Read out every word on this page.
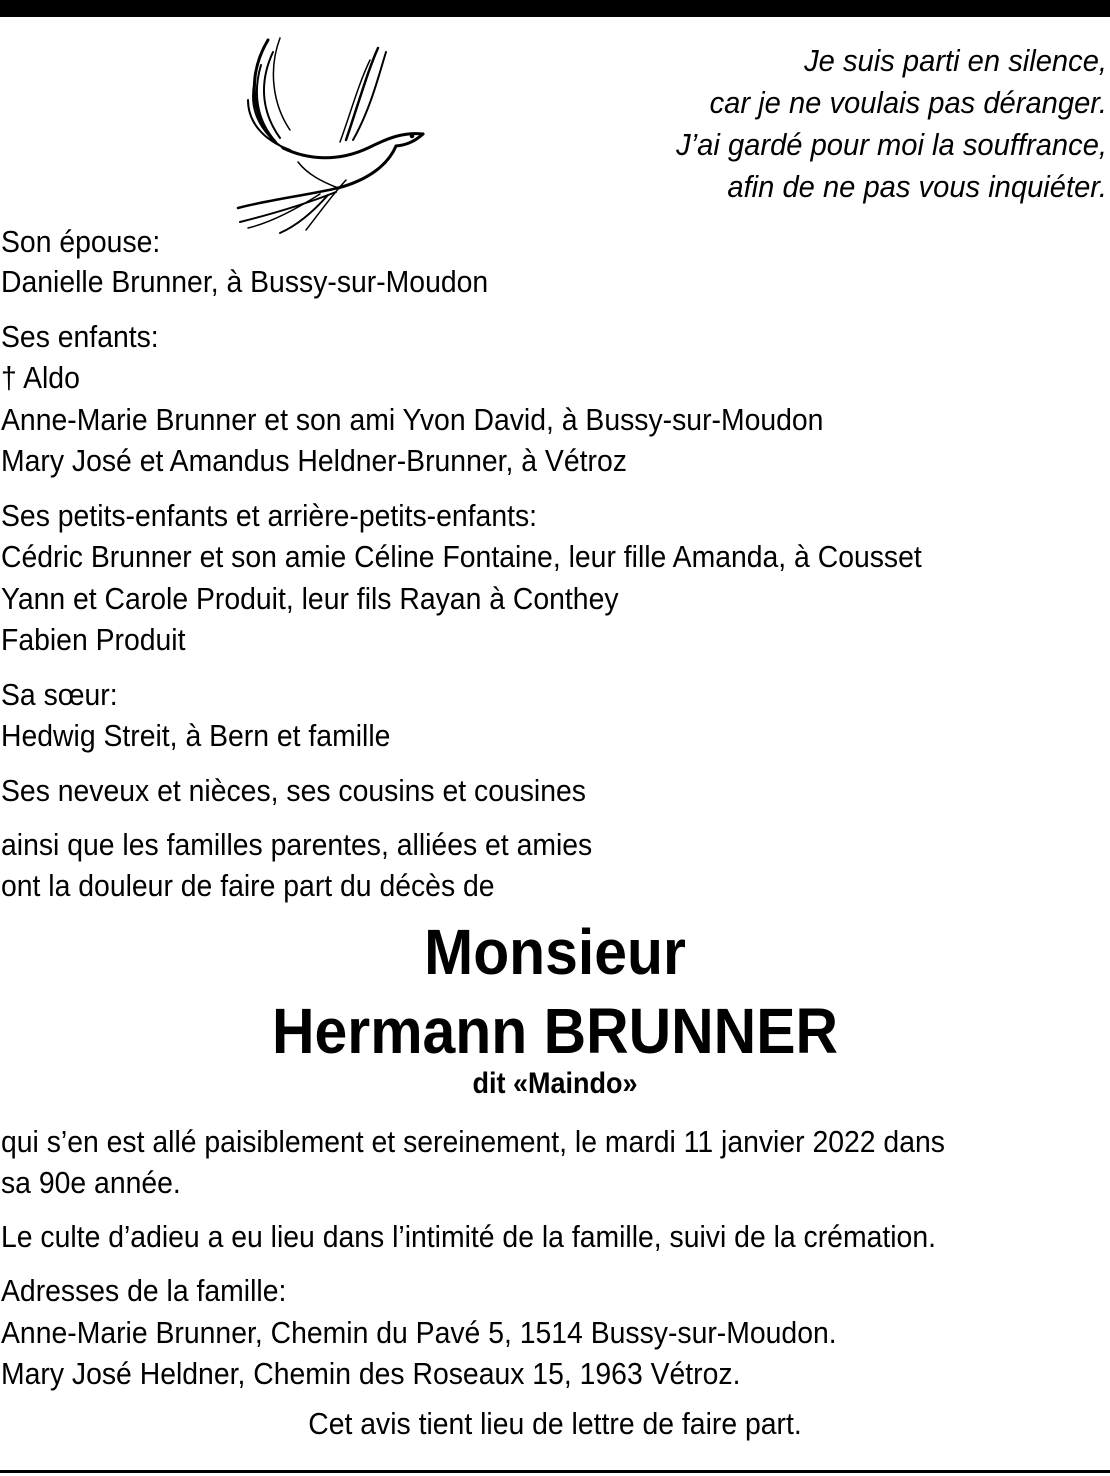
Je suis parti en silence,
car je ne voulais pas déranger.
J’ai gardé pour moi la souffrance,
afin de ne pas vous inquiéter.
Son épouse:
Danielle Brunner, à Bussy-sur-Moudon
Ses enfants:
† Aldo
Anne-Marie Brunner et son ami Yvon David, à Bussy-sur-Moudon
Mary José et Amandus Heldner-Brunner, à Vétroz
Ses petits-enfants et arrière-petits-enfants:
Cédric Brunner et son amie Céline Fontaine, leur fille Amanda, à Cousset
Yann et Carole Produit, leur fils Rayan à Conthey
Fabien Produit
Sa sœur:
Hedwig Streit, à Bern et famille
Ses neveux et nièces, ses cousins et cousines
ainsi que les familles parentes, alliées et amies
ont la douleur de faire part du décès de
Monsieur
Hermann BRUNNER
dit «Maindo»
qui s’en est allé paisiblement et sereinement, le mardi 11 janvier 2022 dans
sa 90e année.
Le culte d’adieu a eu lieu dans l’intimité de la famille, suivi de la crémation.
Adresses de la famille:
Anne-Marie Brunner, Chemin du Pavé 5, 1514 Bussy-sur-Moudon.
Mary José Heldner, Chemin des Roseaux 15, 1963 Vétroz.
Cet avis tient lieu de lettre de faire part.
